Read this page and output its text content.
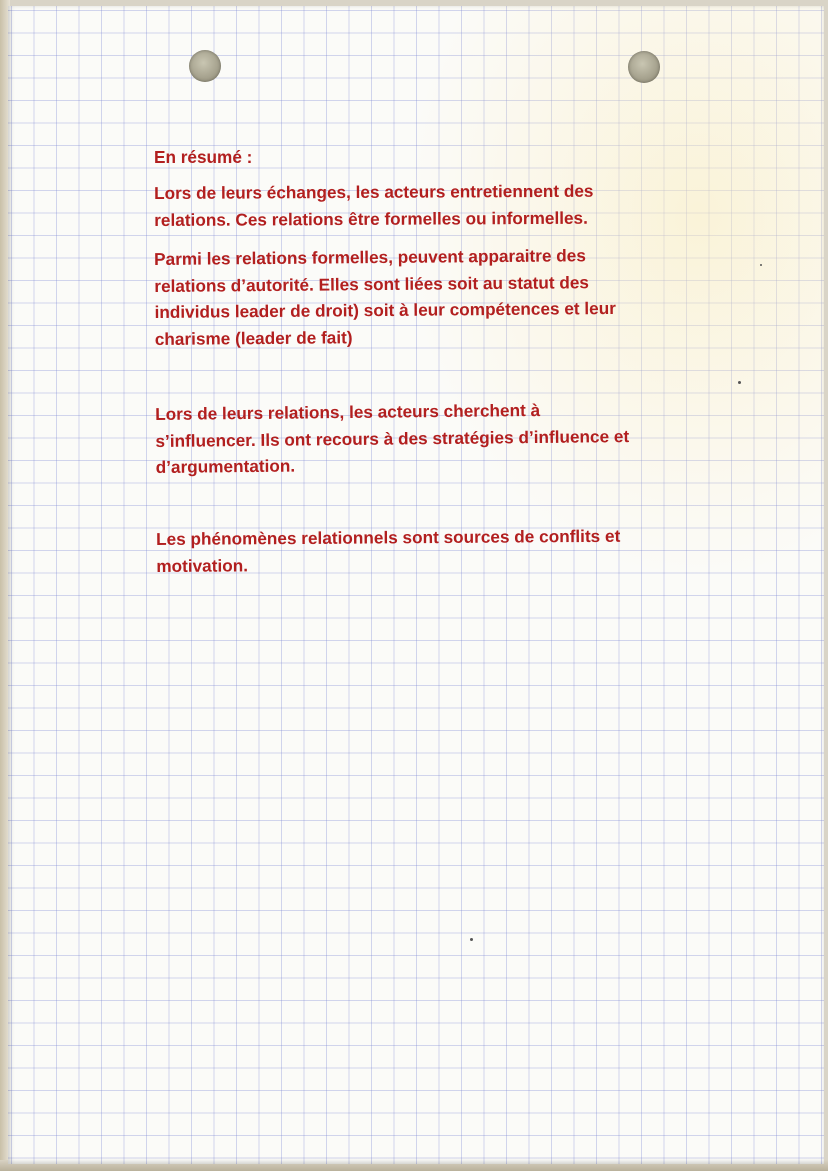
En résumé :

Lors de leurs échanges, les acteurs entretiennent des
relations. Ces relations être formelles ou informelles.

Parmi les relations formelles, peuvent apparaitre des
relations d’autorité. Elles sont liées soit au statut des
individus leader de droit) soit à leur compétences et leur
charisme (leader de fait)

Lors de leurs relations, les acteurs cherchent à
s’influencer. Ils ont recours à des stratégies d’influence et
d’argumentation.

Les phénomènes relationnels sont sources de conflits et
motivation.
